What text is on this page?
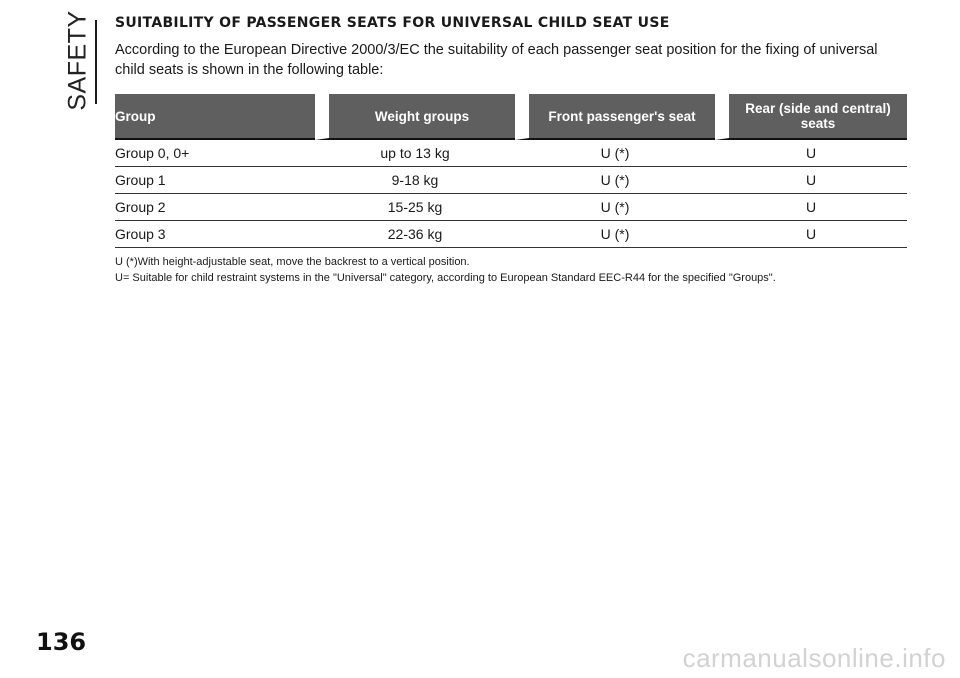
SAFETY SUITABILITY OF PASSENGER SEATS FOR UNIVERSAL CHILD SEAT USE

According to the European Directive 2000/3/EC the suitability of each passenger seat position for the fixing of universal child seats is shown in the following table:

Group	Weight groups	Front passenger's seat	Rear (side and central) seats
Group 0, 0+	up to 13 kg	U (*)	U
Group 1	9-18 kg	U (*)	U
Group 2	15-25 kg	U (*)	U
Group 3	22-36 kg	U (*)	U

U (*)With height-adjustable seat, move the backrest to a vertical position.

U= Suitable for child restraint systems in the "Universal" category, according to European Standard EEC-R44 for the specified "Groups".

136
carmanualsonline.info
